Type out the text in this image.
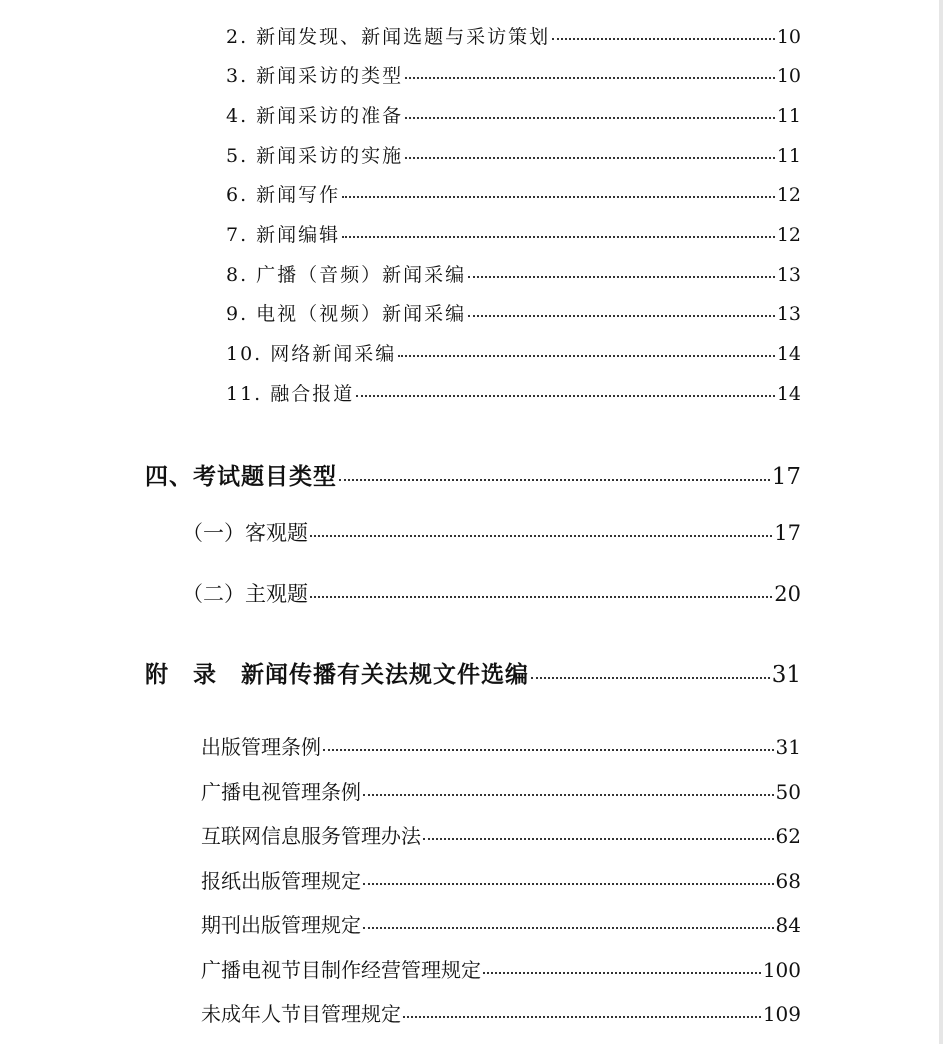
2. 新闻发现、新闻选题与采访策划	10
3. 新闻采访的类型	10
4. 新闻采访的准备	11
5. 新闻采访的实施	11
6. 新闻写作	12
7. 新闻编辑	12
8. 广播（音频）新闻采编	13
9. 电视（视频）新闻采编	13
10. 网络新闻采编	14
11. 融合报道	14
四、考试题目类型	17
（一）客观题	17
（二）主观题	20
附　录　新闻传播有关法规文件选编	31
出版管理条例	31
广播电视管理条例	50
互联网信息服务管理办法	62
报纸出版管理规定	68
期刊出版管理规定	84
广播电视节目制作经营管理规定	100
未成年人节目管理规定	109
